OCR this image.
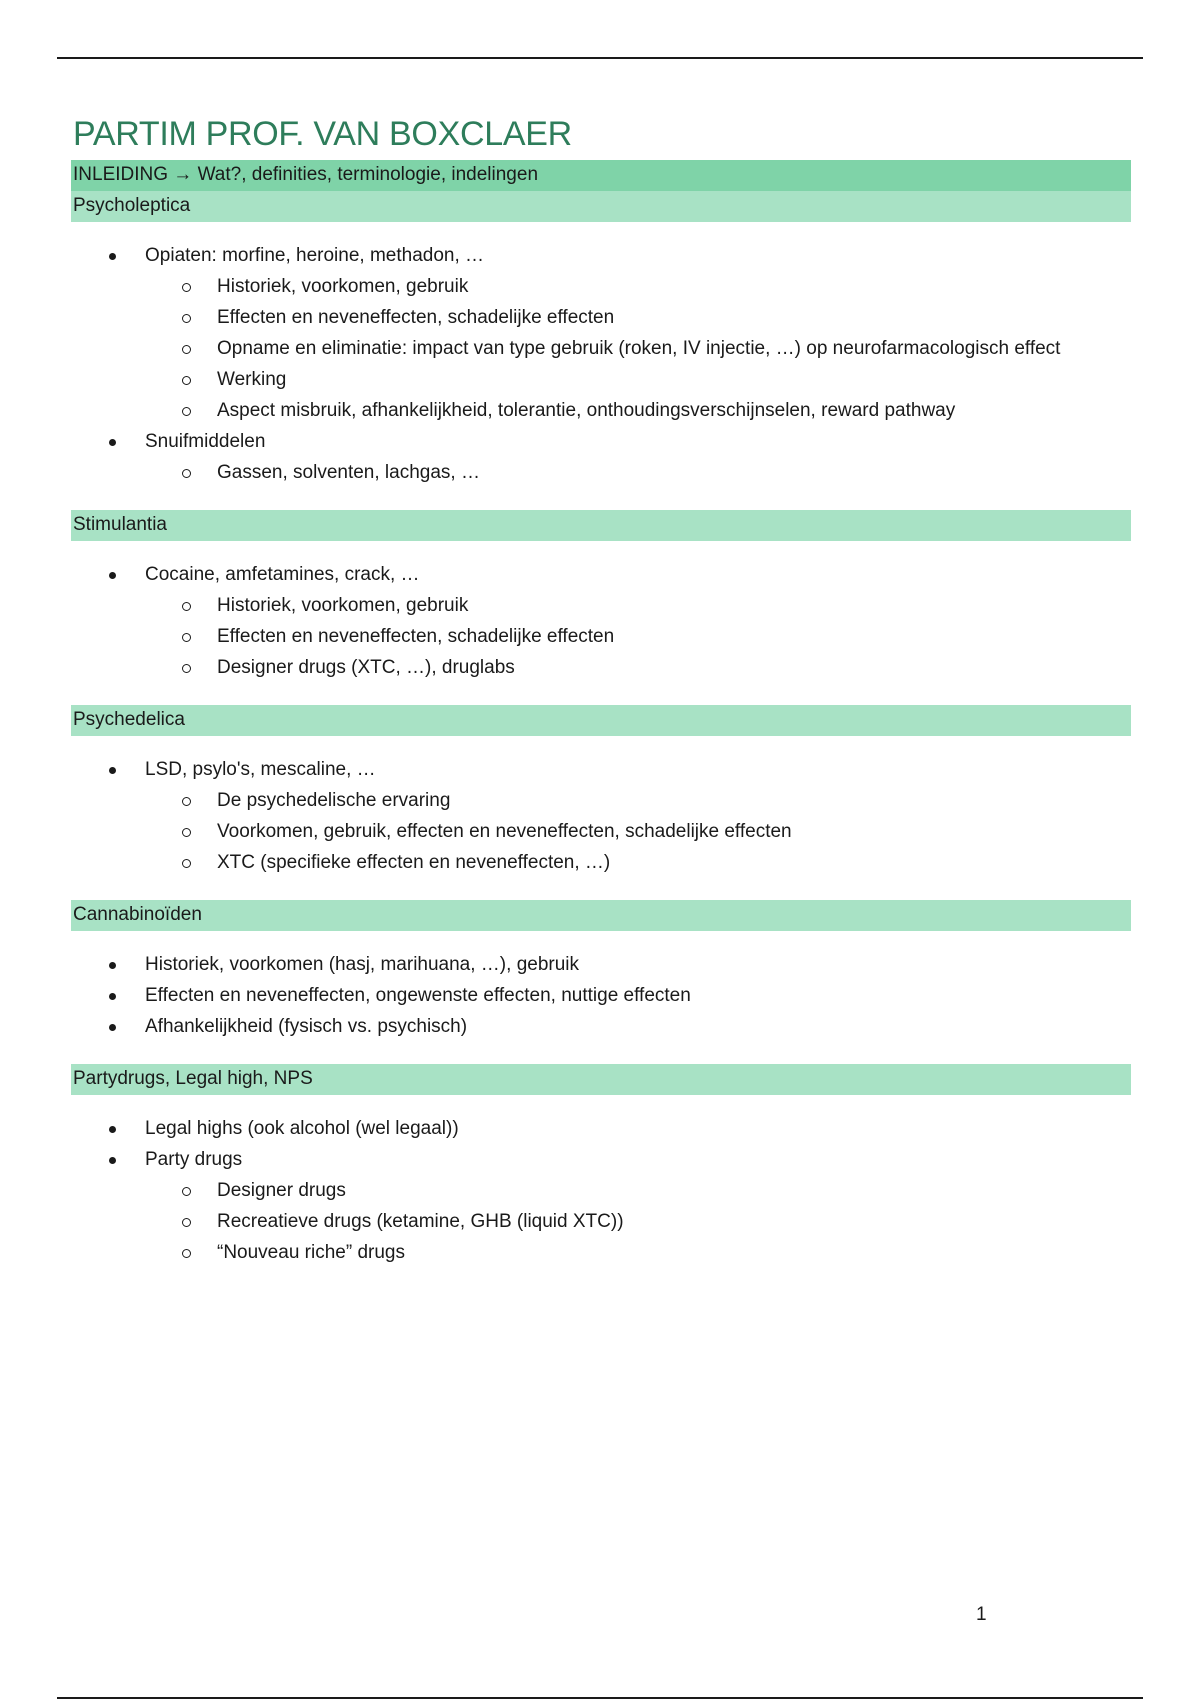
PARTIM PROF. VAN BOXCLAER
INLEIDING → Wat?, definities, terminologie, indelingen
Psycholeptica
Opiaten: morfine, heroine, methadon, …
Historiek, voorkomen, gebruik
Effecten en neveneffecten, schadelijke effecten
Opname en eliminatie: impact van type gebruik (roken, IV injectie, …) op neurofarmacologisch effect
Werking
Aspect misbruik, afhankelijkheid, tolerantie, onthoudingsverschijnselen, reward pathway
Snuifmiddelen
Gassen, solventen, lachgas, …
Stimulantia
Cocaine, amfetamines, crack, …
Historiek, voorkomen, gebruik
Effecten en neveneffecten, schadelijke effecten
Designer drugs (XTC, …), druglabs
Psychedelica
LSD, psylo's, mescaline, …
De psychedelische ervaring
Voorkomen, gebruik, effecten en neveneffecten, schadelijke effecten
XTC (specifieke effecten en neveneffecten, …)
Cannabinoïden
Historiek, voorkomen (hasj, marihuana, …), gebruik
Effecten en neveneffecten, ongewenste effecten, nuttige effecten
Afhankelijkheid (fysisch vs. psychisch)
Partydrugs, Legal high, NPS
Legal highs (ook alcohol (wel legaal))
Party drugs
Designer drugs
Recreatieve drugs (ketamine, GHB (liquid XTC))
“Nouveau riche” drugs
1
